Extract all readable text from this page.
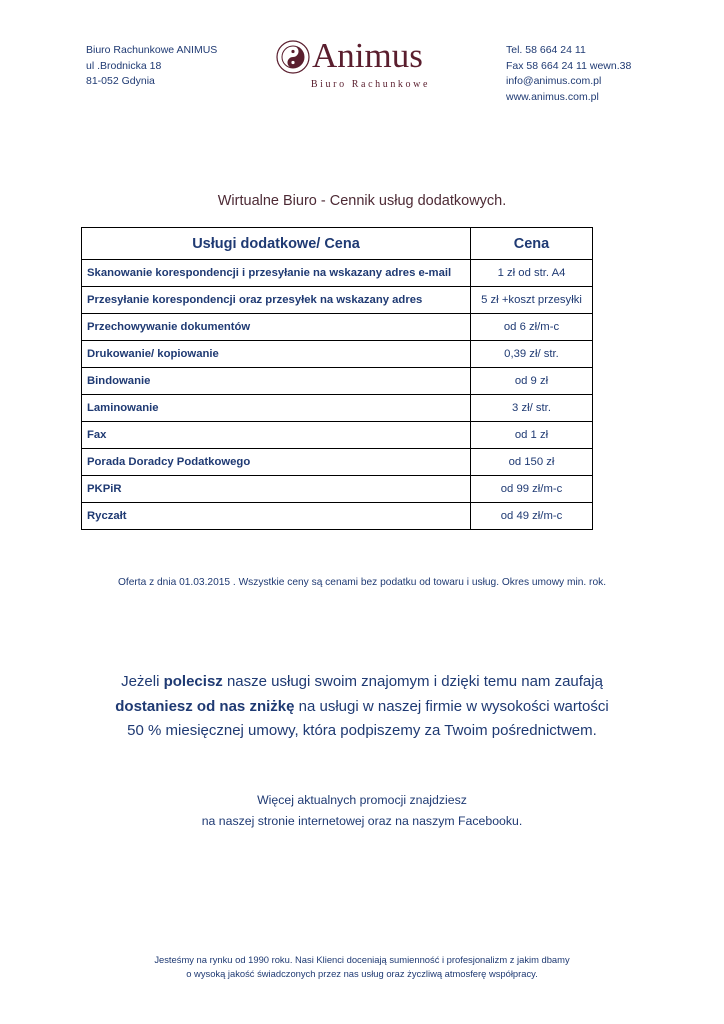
Biuro Rachunkowe ANIMUS
ul .Brodnicka 18
81-052 Gdynia
Animus
Biuro Rachunkowe
Tel. 58 664 24 11
Fax 58 664 24 11 wewn.38
info@animus.com.pl
www.animus.com.pl
Wirtualne Biuro - Cennik usług dodatkowych.
Usługi dodatkowe/ Cena	Cena
Skanowanie korespondencji i przesyłanie na wskazany adres e-mail	1 zł od str. A4
Przesyłanie korespondencji oraz przesyłek na wskazany adres	5 zł +koszt przesyłki
Przechowywanie dokumentów	od 6 zł/m-c
Drukowanie/ kopiowanie	0,39 zł/ str.
Bindowanie	od 9 zł
Laminowanie	3 zł/ str.
Fax	od 1 zł
Porada Doradcy Podatkowego	od 150 zł
PKPiR	od 99 zł/m-c
Ryczałt	od 49 zł/m-c
Oferta z dnia 01.03.2015 . Wszystkie ceny są cenami bez podatku od towaru i usług. Okres umowy min. rok.
Jeżeli polecisz nasze usługi swoim znajomym i dzięki temu nam zaufają
dostaniesz od nas zniżkę na usługi w naszej firmie w wysokości wartości
50 % miesięcznej umowy, która podpiszemy za Twoim pośrednictwem.
Więcej aktualnych promocji znajdziesz
na naszej stronie internetowej oraz na naszym Facebooku.
Jesteśmy na rynku od 1990 roku. Nasi Klienci doceniają sumienność i profesjonalizm z jakim dbamy
o wysoką jakość świadczonych przez nas usług oraz życzliwą atmosferę współpracy.
